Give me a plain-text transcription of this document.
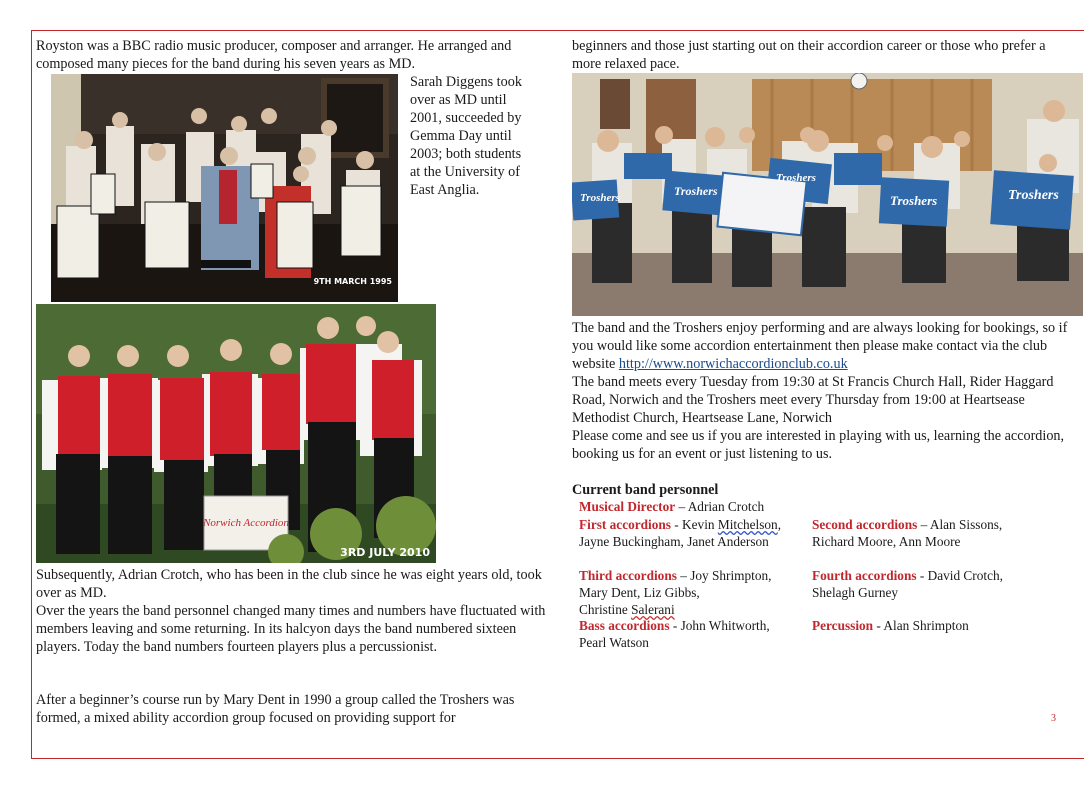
Royston was a BBC radio music producer, composer and arranger. He arranged and composed many pieces for the band during his seven years as MD.

9TH MARCH 1995
Sarah Diggens took
over as MD until
2001, succeeded by
Gemma Day until
2003; both students
at the University of
East Anglia.
Norwich Accordion
3RD JULY 2010

Subsequently, Adrian Crotch, who has been in the club since he was eight years old, took over as MD.

Over the years the band personnel changed many times and numbers have fluctuated with members leaving and some returning. In its halcyon days the band numbered sixteen players. Today the band numbers fourteen players plus a percussionist.

After a beginner’s course run by Mary Dent in 1990 a group called the Troshers was formed, a mixed ability accordion group focused on providing support for

beginners and those just starting out on their accordion career or those who prefer a more relaxed pace.

Troshers	Troshers
Troshers
Troshers	Troshers

The band and the Troshers enjoy performing and are always looking for bookings, so if you would like some accordion entertainment then please make contact via the club website http://www.norwichaccordionclub.co.uk

The band meets every Tuesday from 19:30 at St Francis Church Hall, Rider Haggard Road, Norwich and the Troshers meet every Thursday from 19:00 at Heartsease Methodist Church, Heartsease Lane, Norwich

Please come and see us if you are interested in playing with us, learning the accordion, booking us for an event or just listening to us.

Current band personnel

Musical Director – Adrian Crotch
First accordions - Kevin Mitchelson,
Jayne Buckingham, Janet Anderson
Second accordions – Alan Sissons,
Richard Moore, Ann Moore
Third accordions – Joy Shrimpton,
Mary Dent, Liz Gibbs,
Christine Salerani
Fourth accordions - David Crotch,
Shelagh Gurney
Bass accordions - John Whitworth,
Pearl Watson
Percussion - Alan Shrimpton
3
